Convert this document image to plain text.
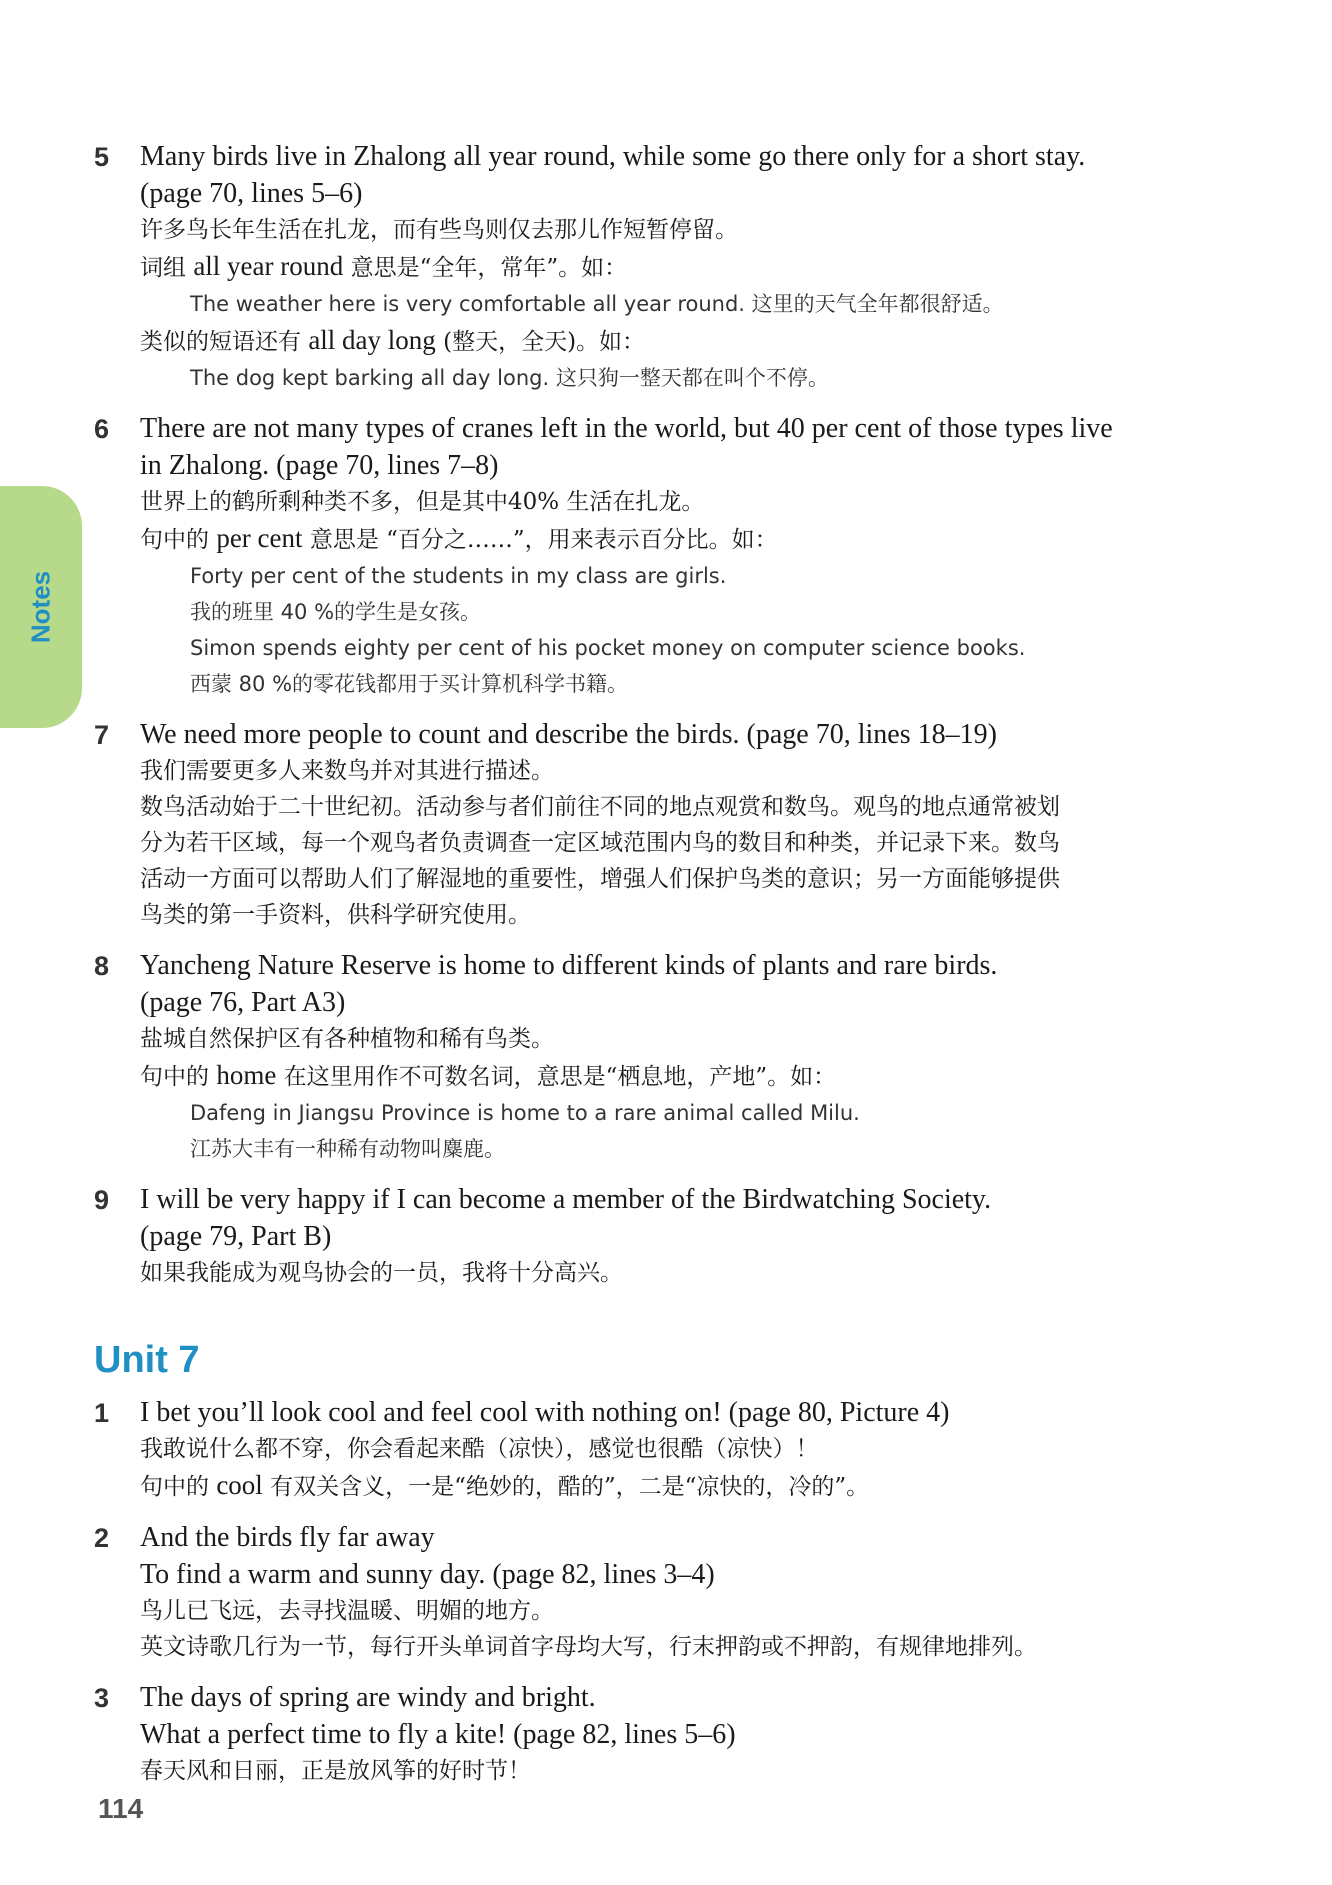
Notes
5	Many birds live in Zhalong all year round, while some go there only for a short stay.
(page 70, lines 5–6)
许多鸟长年生活在扎龙，而有些鸟则仅去那儿作短暂停留。
词组 all year round 意思是“全年，常年”。如：
The weather here is very comfortable all year round. 这里的天气全年都很舒适。
类似的短语还有 all day long (整天，全天)。如：
The dog kept barking all day long. 这只狗一整天都在叫个不停。
6	There are not many types of cranes left in the world, but 40 per cent of those types live
in Zhalong. (page 70, lines 7–8)
世界上的鹤所剩种类不多，但是其中40% 生活在扎龙。
句中的 per cent 意思是 “百分之……”，用来表示百分比。如：
Forty per cent of the students in my class are girls.
我的班里 40 %的学生是女孩。
Simon spends eighty per cent of his pocket money on computer science books.
西蒙 80 %的零花钱都用于买计算机科学书籍。
7	We need more people to count and describe the birds. (page 70, lines 18–19)
我们需要更多人来数鸟并对其进行描述。
数鸟活动始于二十世纪初。活动参与者们前往不同的地点观赏和数鸟。观鸟的地点通常被划
分为若干区域，每一个观鸟者负责调查一定区域范围内鸟的数目和种类，并记录下来。数鸟
活动一方面可以帮助人们了解湿地的重要性，增强人们保护鸟类的意识；另一方面能够提供
鸟类的第一手资料，供科学研究使用。
8	Yancheng Nature Reserve is home to different kinds of plants and rare birds.
(page 76, Part A3)
盐城自然保护区有各种植物和稀有鸟类。
句中的 home 在这里用作不可数名词，意思是“栖息地，产地”。如：
Dafeng in Jiangsu Province is home to a rare animal called Milu.
江苏大丰有一种稀有动物叫麋鹿。
9	I will be very happy if I can become a member of the Birdwatching Society.
(page 79, Part B)
如果我能成为观鸟协会的一员，我将十分高兴。
Unit 7
1	I bet you’ll look cool and feel cool with nothing on! (page 80, Picture 4)
我敢说什么都不穿，你会看起来酷（凉快），感觉也很酷（凉快）！
句中的 cool 有双关含义，一是“绝妙的，酷的”，二是“凉快的，冷的”。
2	And the birds fly far away
To find a warm and sunny day. (page 82, lines 3–4)
鸟儿已飞远，去寻找温暖、明媚的地方。
英文诗歌几行为一节，每行开头单词首字母均大写，行末押韵或不押韵，有规律地排列。
3	The days of spring are windy and bright.
What a perfect time to fly a kite! (page 82, lines 5–6)
春天风和日丽，正是放风筝的好时节！
114
